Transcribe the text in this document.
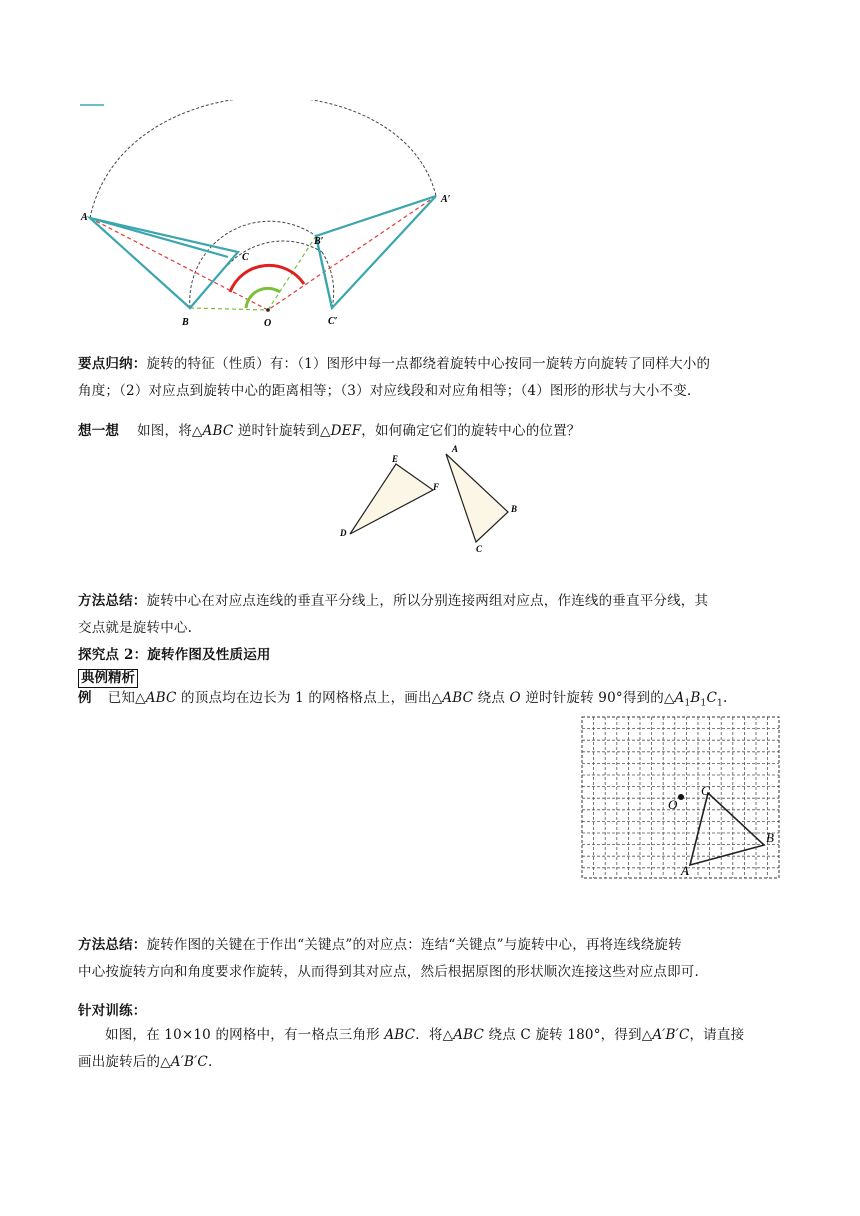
A
A′
B
B′
C
C′
O
要点归纳：旋转的特征（性质）有：（1）图形中每一点都绕着旋转中心按同一旋转方向旋转了同样大小的
角度；（2）对应点到旋转中心的距离相等；（3）对应线段和对应角相等；（4）图形的形状与大小不变.
想一想 如图，将△ABC 逆时针旋转到△DEF，如何确定它们的旋转中心的位置？
E
F
D
A
B
C
方法总结：旋转中心在对应点连线的垂直平分线上，所以分别连接两组对应点，作连线的垂直平分线，其
交点就是旋转中心.
探究点 2：旋转作图及性质运用
典例精析
例 已知△ABC 的顶点均在边长为 1 的网格格点上，画出△ABC 绕点 O 逆时针旋转 90°得到的$\triangle A_1B_1C_1$.
O
C
B
A
方法总结：旋转作图的关键在于作出“关键点”的对应点：连结“关键点”与旋转中心，再将连线绕旋转
中心按旋转方向和角度要求作旋转，从而得到其对应点，然后根据原图的形状顺次连接这些对应点即可.
针对训练：
如图，在 10×10 的网格中，有一格点三角形 ABC．将△ABC 绕点 C 旋转 180°，得到△A′B′C，请直接
画出旋转后的△A′B′C.
